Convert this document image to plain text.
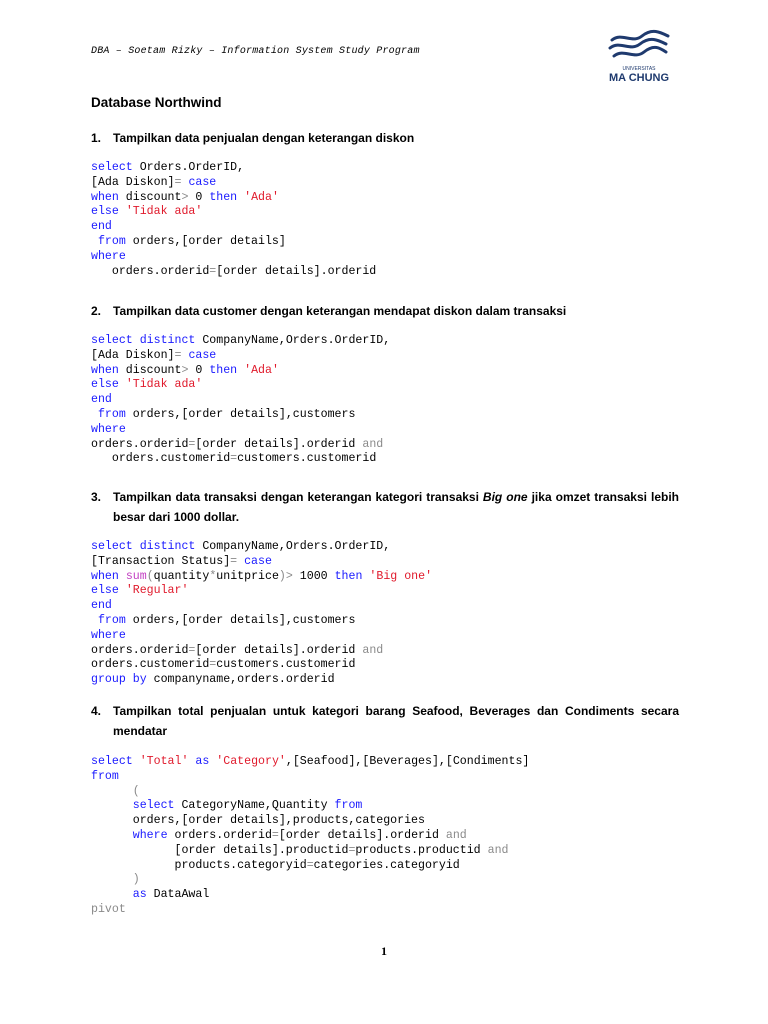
DBA – Soetam Rizky – Information System Study Program
UNIVERSITAS
MA CHUNG
Database Northwind
1. Tampilkan data penjualan dengan keterangan diskon
select Orders.OrderID,
[Ada Diskon]= case
when discount> 0 then 'Ada'
else 'Tidak ada'
end
from orders,[order details]
where
orders.orderid=[order details].orderid
2. Tampilkan data customer dengan keterangan mendapat diskon dalam transaksi
select distinct CompanyName,Orders.OrderID,
[Ada Diskon]= case
when discount> 0 then 'Ada'
else 'Tidak ada'
end
from orders,[order details],customers
where
orders.orderid=[order details].orderid and
orders.customerid=customers.customerid
3. Tampilkan data transaksi dengan keterangan kategori transaksi Big one jika omzet transaksi lebih besar dari 1000 dollar.
select distinct CompanyName,Orders.OrderID,
[Transaction Status]= case
when sum(quantity*unitprice)> 1000 then 'Big one'
else 'Regular'
end
from orders,[order details],customers
where
orders.orderid=[order details].orderid and
orders.customerid=customers.customerid
group by companyname,orders.orderid
4. Tampilkan total penjualan untuk kategori barang Seafood, Beverages dan Condiments secara mendatar
select 'Total' as 'Category',[Seafood],[Beverages],[Condiments]
from
(
select CategoryName,Quantity from
orders,[order details],products,categories
where orders.orderid=[order details].orderid and
[order details].productid=products.productid and
products.categoryid=categories.categoryid
)
as DataAwal
pivot
1
